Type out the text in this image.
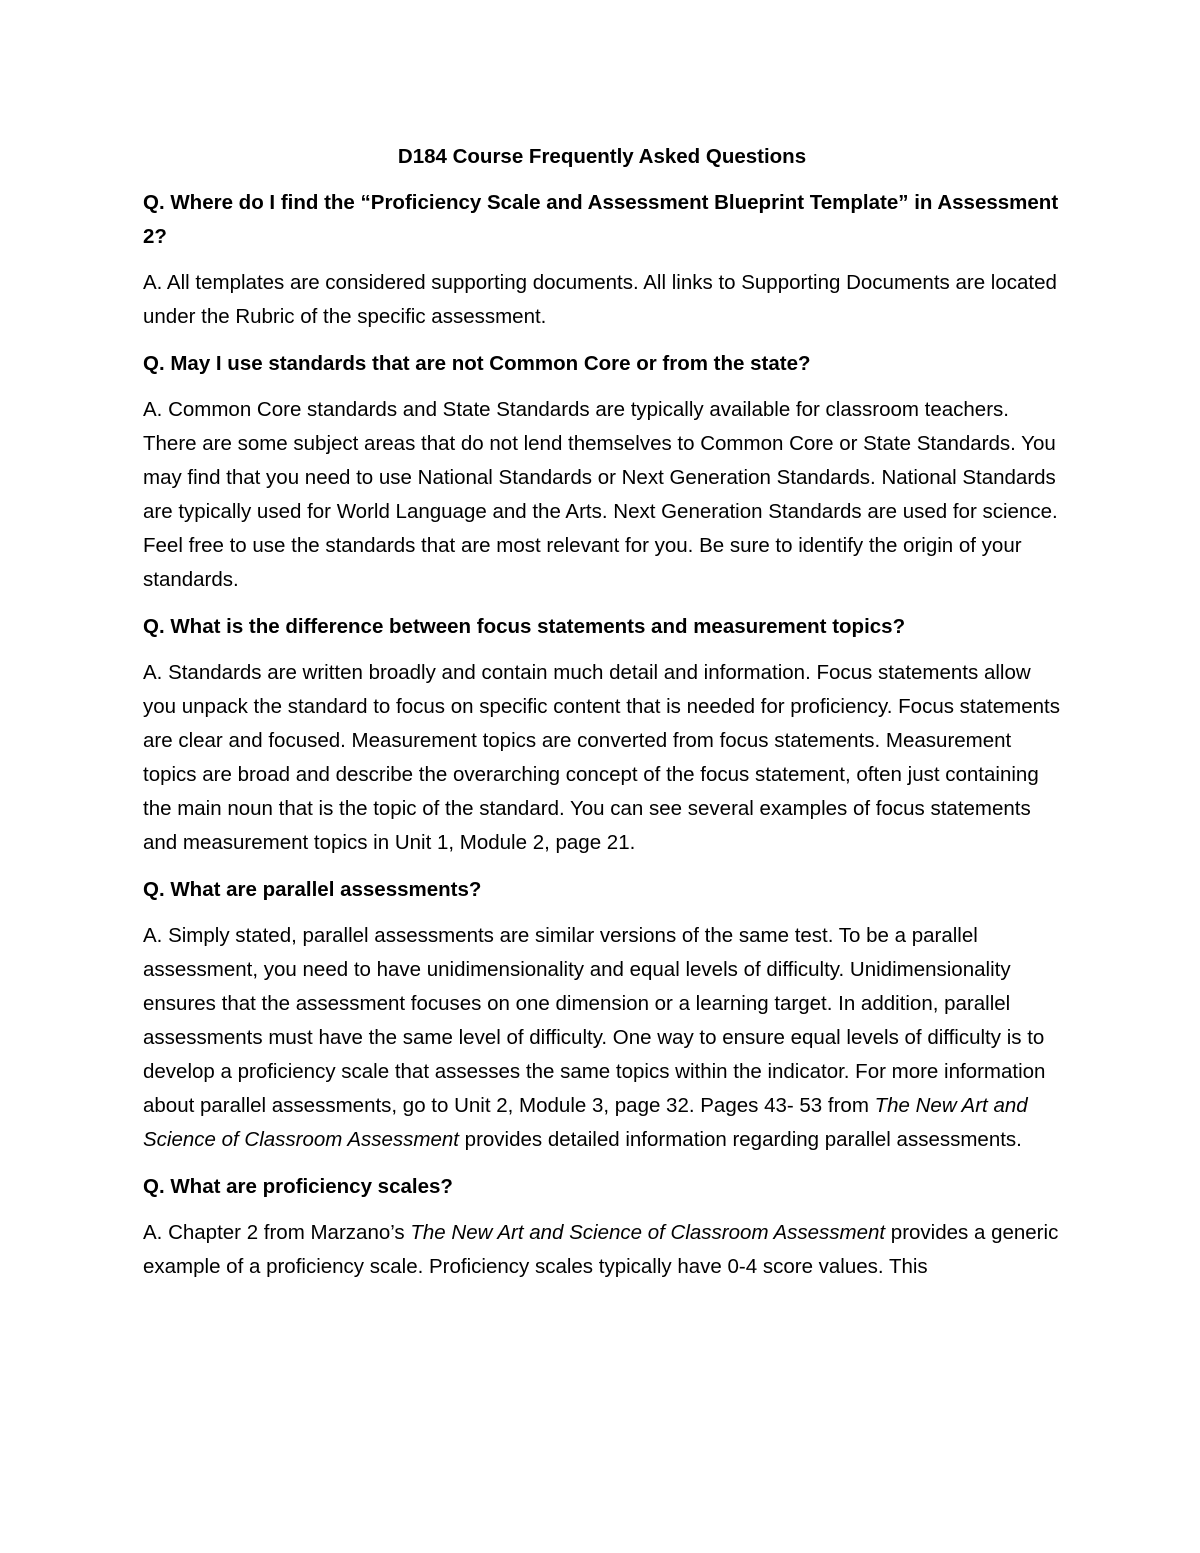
D184 Course Frequently Asked Questions
Q. Where do I find the “Proficiency Scale and Assessment Blueprint Template” in Assessment 2?
A. All templates are considered supporting documents. All links to Supporting Documents are located under the Rubric of the specific assessment.
Q. May I use standards that are not Common Core or from the state?
A. Common Core standards and State Standards are typically available for classroom teachers. There are some subject areas that do not lend themselves to Common Core or State Standards. You may find that you need to use National Standards or Next Generation Standards. National Standards are typically used for World Language and the Arts. Next Generation Standards are used for science. Feel free to use the standards that are most relevant for you. Be sure to identify the origin of your standards.
Q. What is the difference between focus statements and measurement topics?
A. Standards are written broadly and contain much detail and information. Focus statements allow you unpack the standard to focus on specific content that is needed for proficiency. Focus statements are clear and focused. Measurement topics are converted from focus statements. Measurement topics are broad and describe the overarching concept of the focus statement, often just containing the main noun that is the topic of the standard. You can see several examples of focus statements and measurement topics in Unit 1, Module 2, page 21.
Q. What are parallel assessments?
A. Simply stated, parallel assessments are similar versions of the same test. To be a parallel assessment, you need to have unidimensionality and equal levels of difficulty. Unidimensionality ensures that the assessment focuses on one dimension or a learning target. In addition, parallel assessments must have the same level of difficulty. One way to ensure equal levels of difficulty is to develop a proficiency scale that assesses the same topics within the indicator. For more information about parallel assessments, go to Unit 2, Module 3, page 32. Pages 43- 53 from The New Art and Science of Classroom Assessment provides detailed information regarding parallel assessments.
Q. What are proficiency scales?
A. Chapter 2 from Marzano’s The New Art and Science of Classroom Assessment provides a generic example of a proficiency scale. Proficiency scales typically have 0-4 score values. This
